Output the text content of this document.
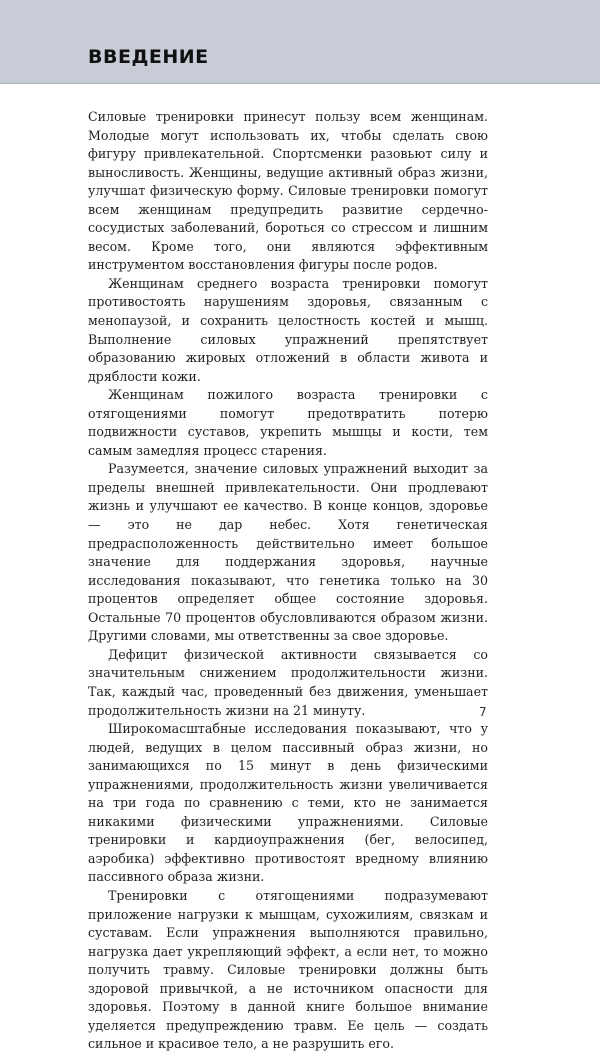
ВВЕДЕНИЕ

Силовые тренировки принесут пользу всем женщинам. Молодые могут использовать их, чтобы сделать свою фигуру привлекательной. Спортсменки разовьют силу и выносливость. Женщины, ведущие активный образ жизни, улучшат физическую форму. Силовые тренировки помогут всем женщинам предупредить развитие сердечно-сосудистых заболеваний, бороться со стрессом и лишним весом. Кроме того, они являются эффективным инструментом восстановления фигуры после родов.

Женщинам среднего возраста тренировки помогут противостоять нарушениям здоровья, связанным с менопаузой, и сохранить целостность костей и мышц. Выполнение силовых упражнений препятствует образованию жировых отложений в области живота и дряблости кожи.

Женщинам пожилого возраста тренировки с отягощениями помогут предотвратить потерю подвижности суставов, укрепить мышцы и кости, тем самым замедляя процесс старения.

Разумеется, значение силовых упражнений выходит за пределы внешней привлекательности. Они продлевают жизнь и улучшают ее качество. В конце концов, здоровье — это не дар небес. Хотя генетическая предрасположенность действительно имеет большое значение для поддержания здоровья, научные исследования показывают, что генетика только на 30 процентов определяет общее состояние здоровья. Остальные 70 процентов обусловливаются образом жизни. Другими словами, мы ответственны за свое здоровье.

Дефицит физической активности связывается со значительным снижением продолжительности жизни. Так, каждый час, проведенный без движения, уменьшает продолжительность жизни на 21 минуту.

Широкомасштабные исследования показывают, что у людей, ведущих в целом пассивный образ жизни, но занимающихся по 15 минут в день физическими упражнениями, продолжительность жизни увеличивается на три года по сравнению с теми, кто не занимается никакими физическими упражнениями. Силовые тренировки и кардиоупражнения (бег, велосипед, аэробика) эффективно противостоят вредному влиянию пассивного образа жизни.

Тренировки с отягощениями подразумевают приложение нагрузки к мышцам, сухожилиям, связкам и суставам. Если упражнения выполняются правильно, нагрузка дает укрепляющий эффект, а если нет, то можно получить травму. Силовые тренировки должны быть здоровой привычкой, а не источником опасности для здоровья. Поэтому в данной книге большое внимание уделяется предупреждению травм. Ее цель — создать сильное и красивое тело, а не разрушить его.

7
